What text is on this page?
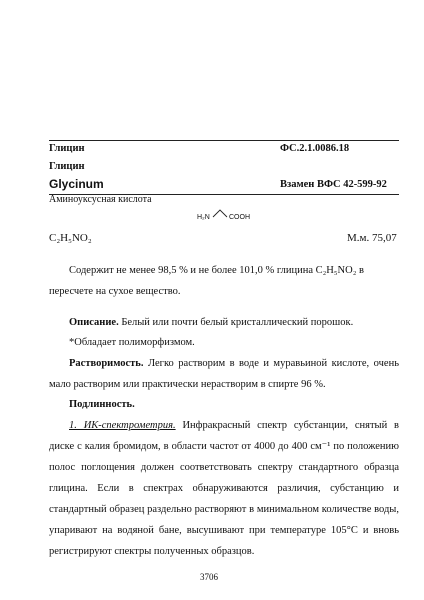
Глицин	ФС.2.1.0086.18
Глицин
Glycinum	Взамен ВФС 42-599-92
Аминоуксусная кислота
H₂N	COOH
C₂H₅NO₂	М.м. 75,07
Содержит не менее 98,5 % и не более 101,0 % глицина C₂H₅NO₂ в
пересчете на сухое вещество.
Описание. Белый или почти белый кристаллический порошок.
*Обладает полиморфизмом.
Растворимость. Легко растворим в воде и муравьиной кислоте, очень мало растворим или практически нерастворим в спирте 96 %.
Подлинность.
1. ИК-спектрометрия. Инфракрасный спектр субстанции, снятый в диске с калия бромидом, в области частот от 4000 до 400 см⁻¹ по положению полос поглощения должен соответствовать спектру стандартного образца глицина. Если в спектрах обнаруживаются различия, субстанцию и стандартный образец раздельно растворяют в минимальном количестве воды, упаривают на водяной бане, высушивают при температуре 105°C и вновь регистрируют спектры полученных образцов.
3706
